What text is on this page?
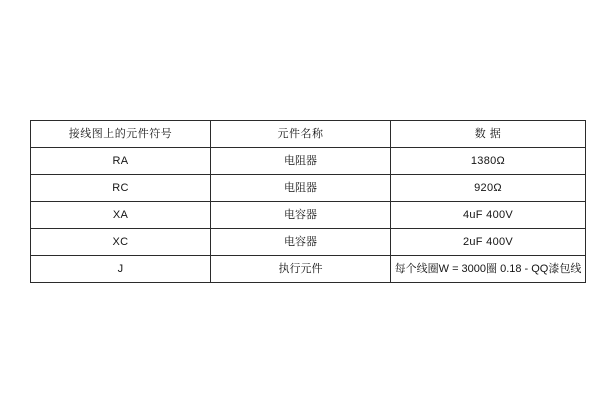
接线图上的元件符号	元件名称	数 据
RA	电阻器	1380Ω
RC	电阻器	920Ω
XA	电容器	4uF 400V
XC	电容器	2uF 400V
J	执行元件	每个线圈W = 3000圈 0.18 - QQ漆包线
